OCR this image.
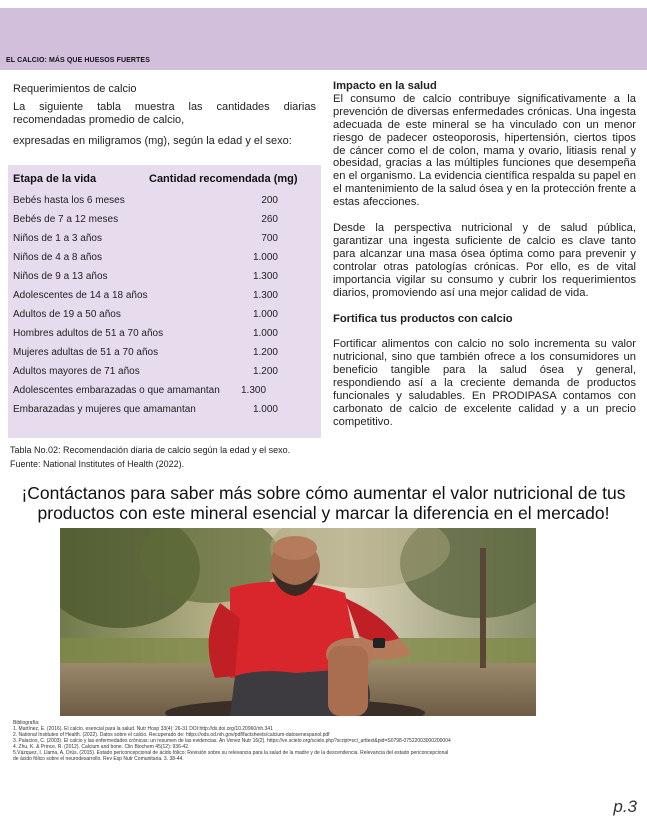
EL CALCIO: MÁS QUE HUESOS FUERTES
Requerimientos de calcio
La siguiente tabla muestra las cantidades diarias recomendadas promedio de calcio,
expresadas en miligramos (mg), según la edad y el sexo:
Etapa de la vida	Cantidad recomendada (mg)
Bebés hasta los 6 meses	200
Bebés de 7 a 12 meses	260
Niños de 1 a 3 años	700
Niños de 4 a 8 años	1.000
Niños de 9 a 13 años	1.300
Adolescentes de 14 a 18 años	1.300
Adultos de 19 a 50 años	1.000
Hombres adultos de 51 a 70 años	1.000
Mujeres adultas de 51 a 70 años	1.200
Adultos mayores de 71 años	1.200
Adolescentes embarazadas o que amamantan 1.300
Embarazadas y mujeres que amamantan	1.000
Tabla No.02: Recomendación diaria de calcio según la edad y el sexo.
Fuente: National Institutes of Health (2022).
Impacto en la salud

El consumo de calcio contribuye significativamente a la prevención de diversas enfermedades crónicas. Una ingesta adecuada de este mineral se ha vinculado con un menor riesgo de padecer osteoporosis, hipertensión, ciertos tipos de cáncer como el de colon, mama y ovario, litiasis renal y obesidad, gracias a las múltiples funciones que desempeña en el organismo. La evidencia científica respalda su papel en el mantenimiento de la salud ósea y en la protección frente a estas afecciones.

Desde la perspectiva nutricional y de salud pública, garantizar una ingesta suficiente de calcio es clave tanto para alcanzar una masa ósea óptima como para prevenir y controlar otras patologías crónicas. Por ello, es de vital importancia vigilar su consumo y cubrir los requerimientos diarios, promoviendo así una mejor calidad de vida.

Fortifica tus productos con calcio

Fortificar alimentos con calcio no solo incrementa su valor nutricional, sino que también ofrece a los consumidores un beneficio tangible para la salud ósea y general, respondiendo así a la creciente demanda de productos funcionales y saludables. En PRODIPASA contamos con carbonato de calcio de excelente calidad y a un precio competitivo.

¡Contáctanos para saber más sobre cómo aumentar el valor nutricional de tus
productos con este mineral esencial y marcar la diferencia en el mercado!
Bibliografía:
1. Martínez, E. (2016). El calcio, esencial para la salud. Nutr Hosp 33(4): 26-31 DOI:http://dx.doi.org/10.20960/nh.341
2. National Institutes of Health. (2022). Datos sobre el calcio. Recuperado de: https://ods.od.nih.gov/pdf/factsheets/calcium-datosenespanol.pdf
3. Palacios, C. (2003). El calcio y las enfermedades crónicas: un resumen de las evidencias. An Venez Nutr 16(2). https://ve.scielo.org/scielo.php?script=sci_arttext&pid=S0798-07522003000200004
4. Zhu, K. & Prince, R. (2012). Calcium and bone. Clin Biochem 45(12): 936-42.
5.Vázquez, I. Llama, A. Orús. (2015). Estado periconcepcional de ácido fólico: Revisión sobre su relevancia para la salud de la madre y de la descendencia. Relevancia del estado periconcepcional
de ácido fólico sobre el neurodesarrollo. Rev Esp Nutr Comunitaria. 3. 38-44.
p.3
